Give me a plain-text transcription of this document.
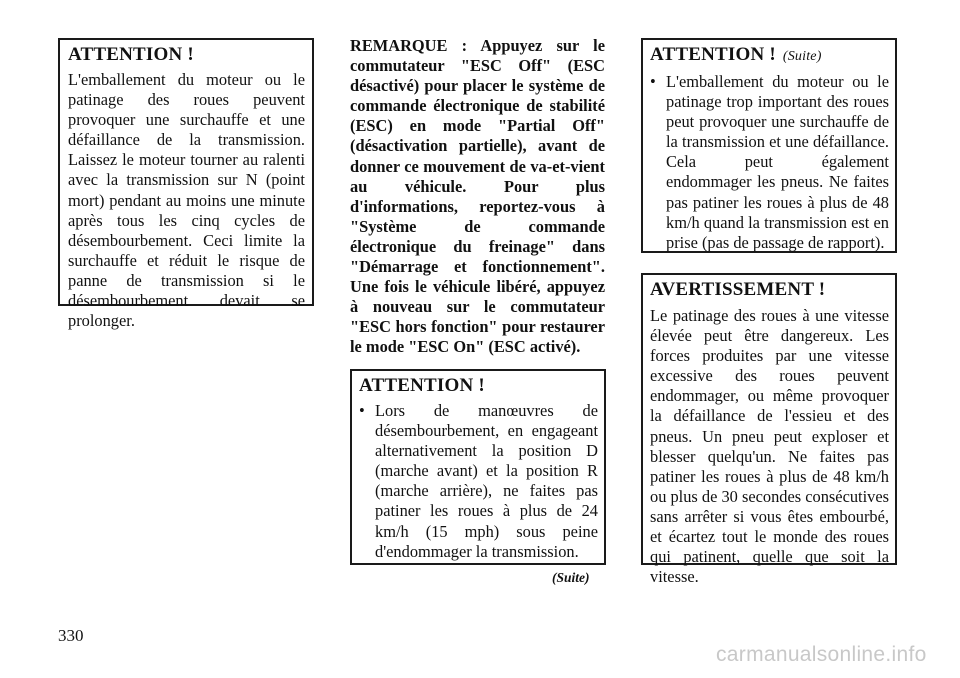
ATTENTION !

L'emballement du moteur ou le patinage des roues peuvent provoquer une surchauffe et une défaillance de la transmission. Laissez le moteur tourner au ralenti avec la transmission sur N (point mort) pendant au moins une minute après tous les cinq cycles de désembourbement. Ceci limite la surchauffe et réduit le risque de panne de transmission si le désembourbement devait se prolonger.

REMARQUE : Appuyez sur le commutateur "ESC Off" (ESC désactivé) pour placer le système de commande électronique de stabilité (ESC) en mode "Partial Off" (désactivation partielle), avant de donner ce mouvement de va-et-vient au véhicule. Pour plus d'informations, reportez-vous à "Système de commande électronique du freinage" dans "Démarrage et fonctionnement". Une fois le véhicule libéré, appuyez à nouveau sur le commutateur "ESC hors fonction" pour restaurer le mode "ESC On" (ESC activé).

ATTENTION !

• Lors de manœuvres de désembourbement, en engageant alternativement la position D (marche avant) et la position R (marche arrière), ne faites pas patiner les roues à plus de 24 km/h (15 mph) sous peine d'endommager la transmission.

(Suite)
ATTENTION ! (Suite)

• L'emballement du moteur ou le patinage trop important des roues peut provoquer une surchauffe de la transmission et une défaillance. Cela peut également endommager les pneus. Ne faites pas patiner les roues à plus de 48 km/h quand la transmission est en prise (pas de passage de rapport).

AVERTISSEMENT !

Le patinage des roues à une vitesse élevée peut être dangereux. Les forces produites par une vitesse excessive des roues peuvent endommager, ou même provoquer la défaillance de l'essieu et des pneus. Un pneu peut exploser et blesser quelqu'un. Ne faites pas patiner les roues à plus de 48 km/h ou plus de 30 secondes consécutives sans arrêter si vous êtes embourbé, et écartez tout le monde des roues qui patinent, quelle que soit la vitesse.

330
carmanualsonline.info
